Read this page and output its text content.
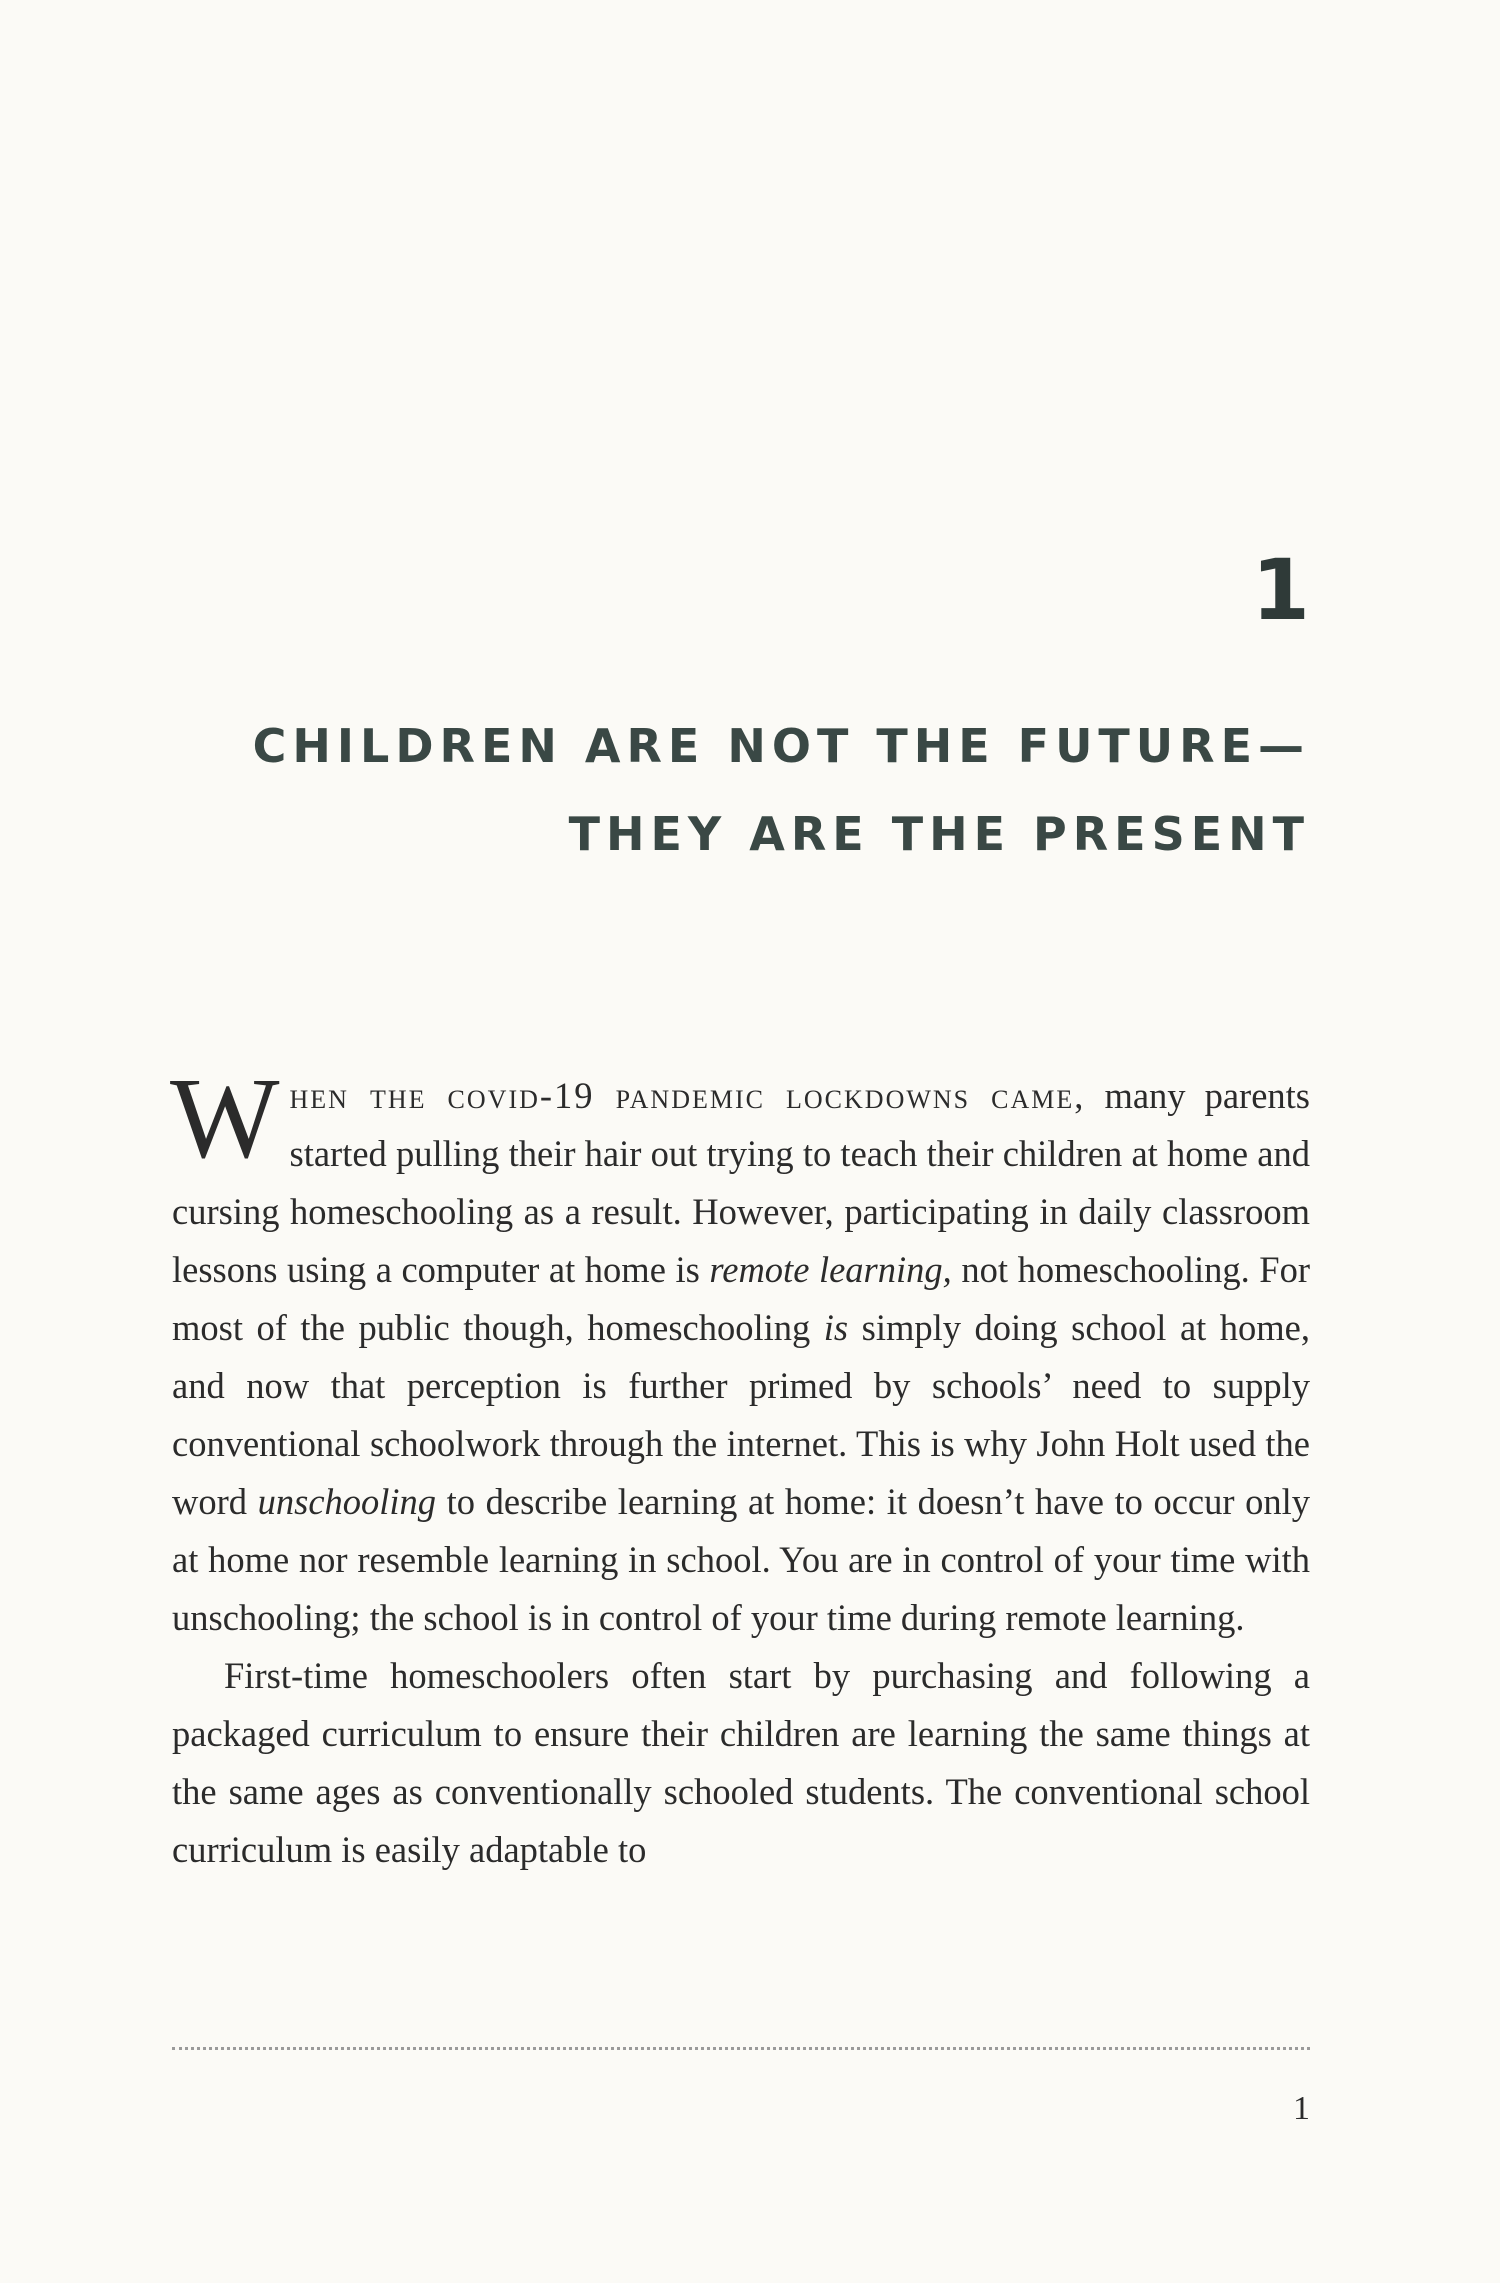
1
CHILDREN ARE NOT THE FUTURE—
THEY ARE THE PRESENT

When the covid-19 pandemic lockdowns came, many parents started pulling their hair out trying to teach their children at home and cursing homeschooling as a result. However, participating in daily classroom lessons using a computer at home is remote learning, not homeschooling. For most of the public though, homeschooling is simply doing school at home, and now that perception is further primed by schools’ need to supply conventional schoolwork through the internet. This is why John Holt used the word unschooling to describe learning at home: it doesn’t have to occur only at home nor resemble learning in school. You are in control of your time with unschooling; the school is in control of your time during remote learning.

First-time homeschoolers often start by purchasing and following a packaged curriculum to ensure their children are learning the same things at the same ages as conventionally schooled students. The conventional school curriculum is easily adaptable to

1
